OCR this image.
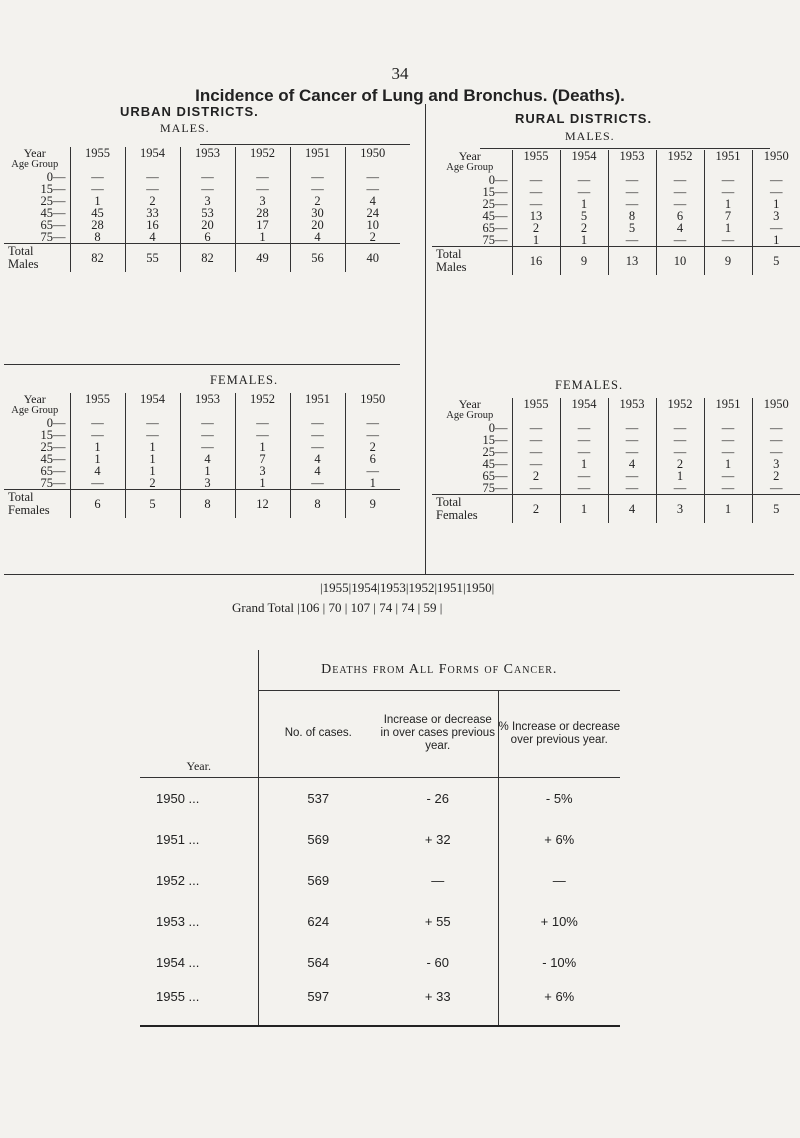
34
Incidence of Cancer of Lung and Bronchus. (Deaths).
URBAN DISTRICTS.
MALES.
RURAL DISTRICTS.
MALES.
Year
Age Group	1955	1954	1953	1952	1951	1950
0—	—	—	—	—	—	—
15—	—	—	—	—	—	—
25—	1	2	3	3	2	4
45—	45	33	53	28	30	24
65—	28	16	20	17	20	10
75—	8	4	6	1	4	2

Total
Males	82	55	82	49	56	40
Year
Age Group	1955	1954	1953	1952	1951	1950
0—	—	—	—	—	—	—
15—	—	—	—	—	—	—
25—	—	1	—	—	1	1
45—	13	5	8	6	7	3
65—	2	2	5	4	1	—
75—	1	1	—	—	—	1

Total
Males	16	9	13	10	9	5
FEMALES.	FEMALES.
Year
Age Group	1955	1954	1953	1952	1951	1950
0—	—	—	—	—	—	—
15—	—	—	—	—	—	—
25—	1	1	—	1	—	2
45—	1	1	4	7	4	6
65—	4	1	1	3	4	—
75—	—	2	3	1	—	1

Total
Females	6	5	8	12	8	9
Year
Age Group	1955	1954	1953	1952	1951	1950
0—	—	—	—	—	—	—
15—	—	—	—	—	—	—
25—	—	—	—	—	—	—
45—	—	1	4	2	1	3
65—	2	—	—	1	—	2
75—	—	—	—	—	—	—

Total
Females	2	1	4	3	1	5
|1955|1954|1953|1952|1951|1950|
Grand Total |106 | 70 | 107 | 74 | 74 | 59 |
	Deaths from All Forms of Cancer.		
Year.	No. of cases.	Increase or decrease in over cases previous year.	% Increase or decrease over previous year.
1950 ...	537	- 26	- 5%
1951 ...	569	+ 32	+ 6%
1952 ...	569	—	—
1953 ...	624	+ 55	+ 10%
1954 ...	564	- 60	- 10%
1955 ...	597	+ 33	+ 6%
